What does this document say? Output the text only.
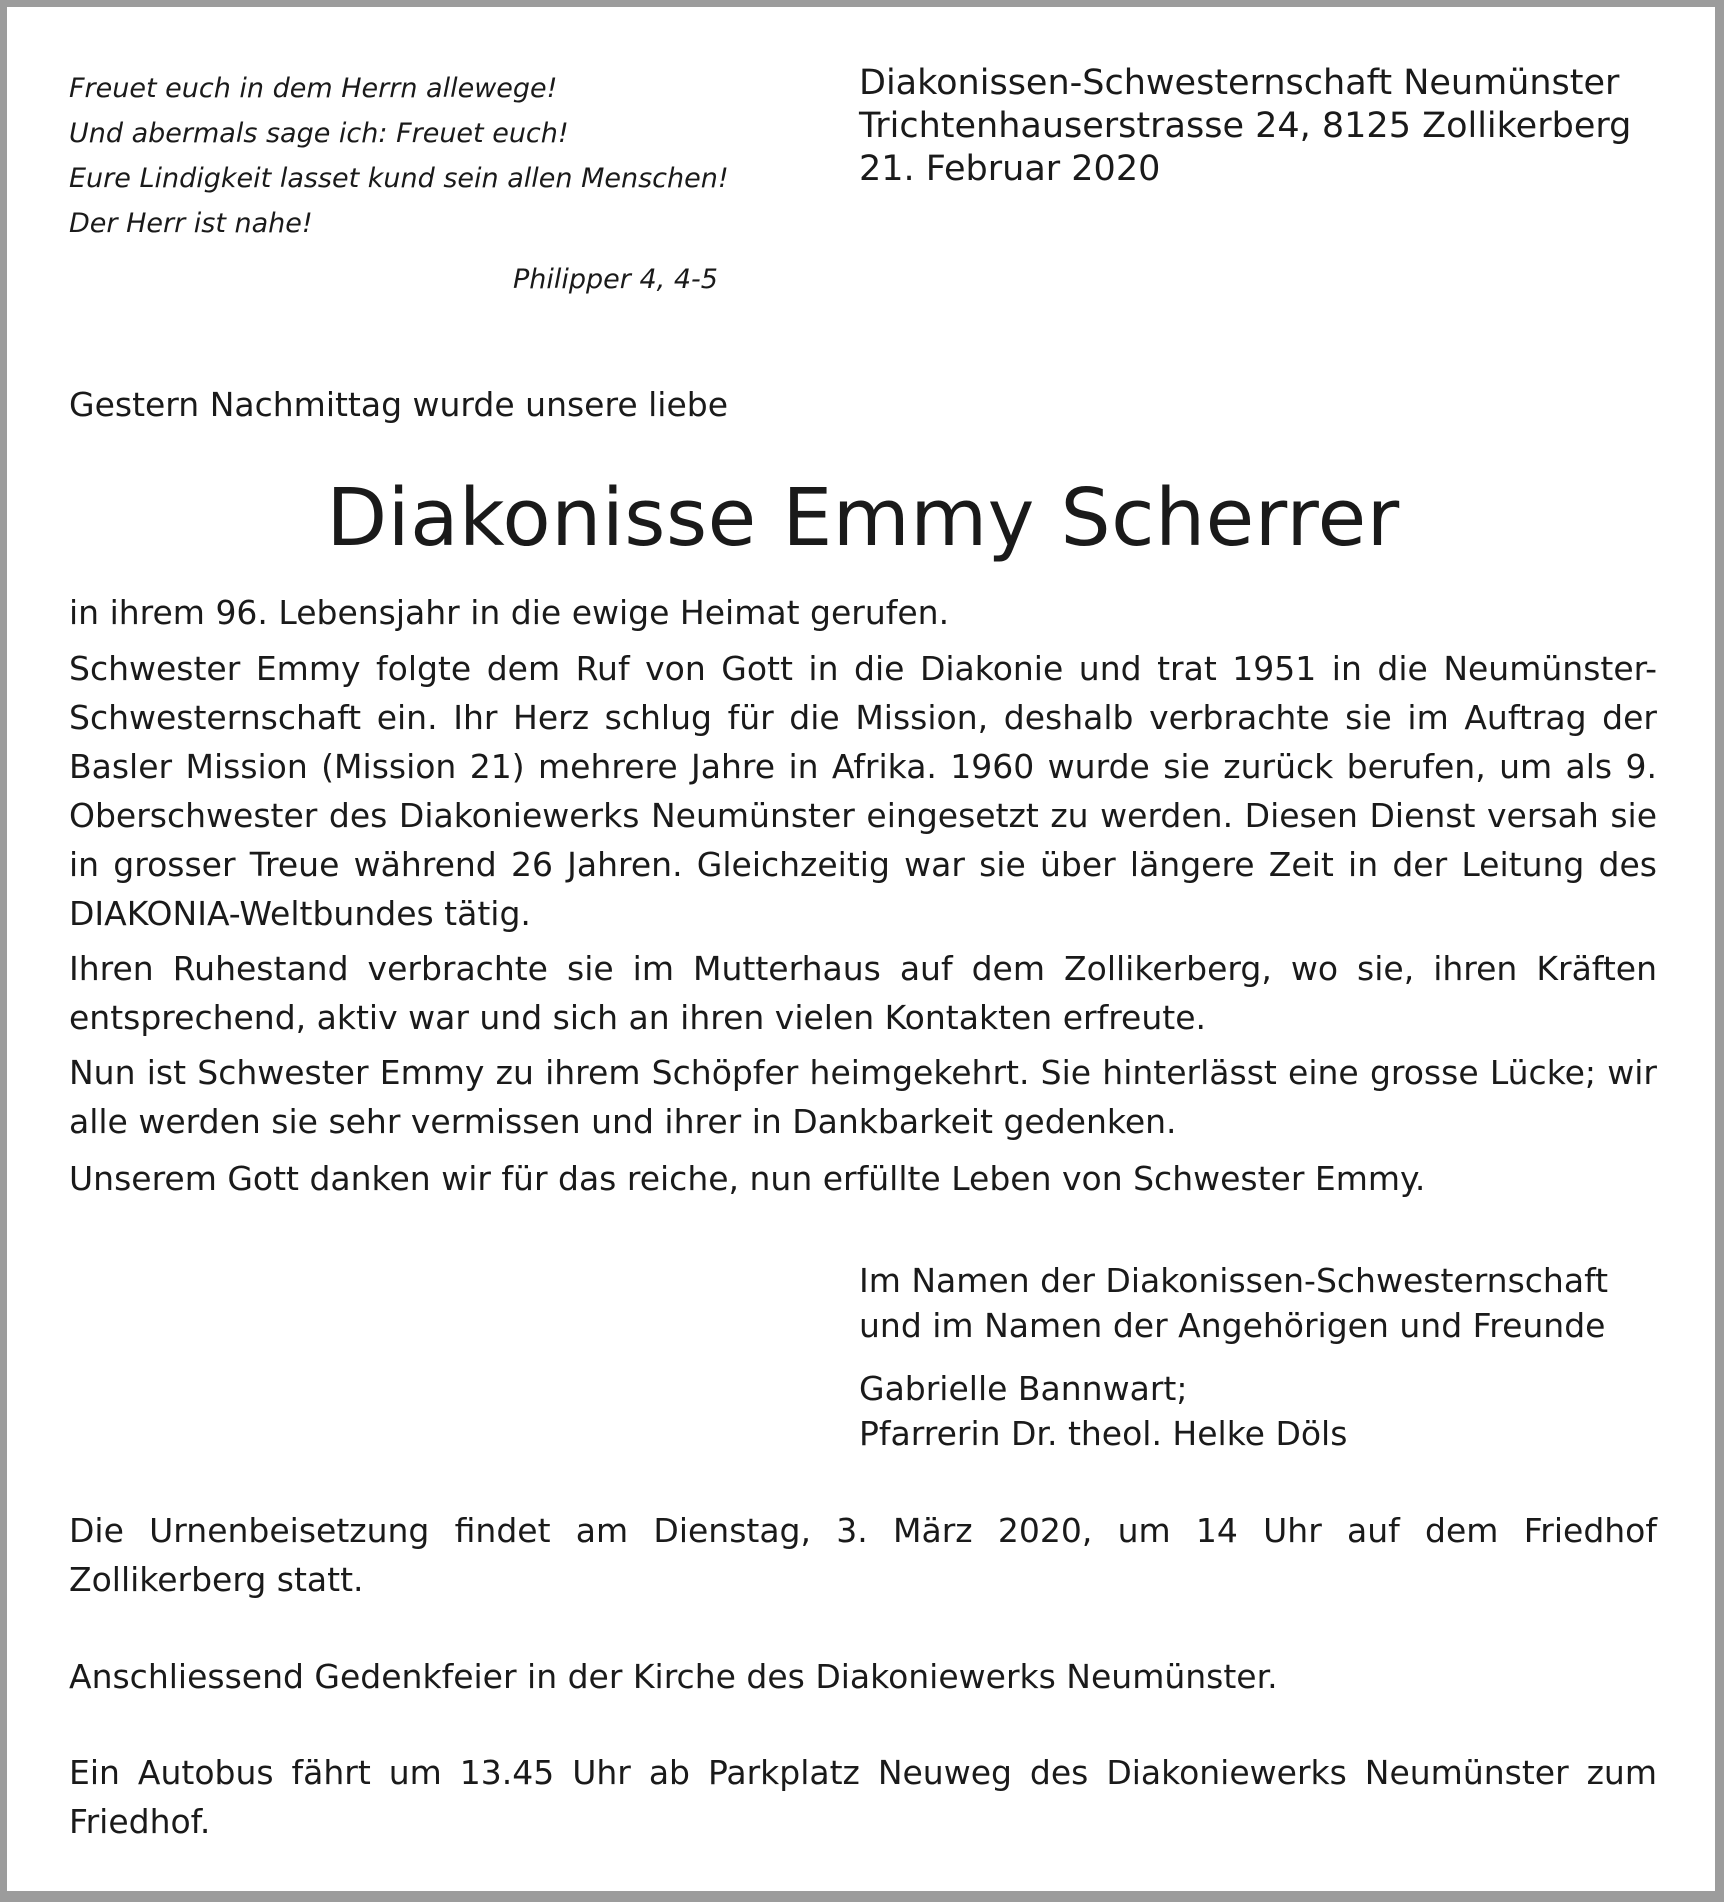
Freuet euch in dem Herrn allewege!
Und abermals sage ich: Freuet euch!
Eure Lindigkeit lasset kund sein allen Menschen!
Der Herr ist nahe!
Philipper 4, 4-5
Diakonissen-Schwesternschaft Neumünster
Trichtenhauserstrasse 24, 8125 Zollikerberg
21. Februar 2020
Gestern Nachmittag wurde unsere liebe
Diakonisse Emmy Scherrer
in ihrem 96. Lebensjahr in die ewige Heimat gerufen.
Schwester Emmy folgte dem Ruf von Gott in die Diakonie und trat 1951 in die Neumünster-Schwesternschaft ein. Ihr Herz schlug für die Mission, deshalb verbrachte sie im Auftrag der Basler Mission (Mission 21) mehrere Jahre in Afrika. 1960 wurde sie zurück berufen, um als 9. Oberschwester des Diakoniewerks Neumünster eingesetzt zu werden. Diesen Dienst versah sie in grosser Treue während 26 Jahren. Gleichzeitig war sie über längere Zeit in der Leitung des DIAKONIA-Weltbundes tätig.
Ihren Ruhestand verbrachte sie im Mutterhaus auf dem Zollikerberg, wo sie, ihren Kräften entsprechend, aktiv war und sich an ihren vielen Kontakten erfreute.
Nun ist Schwester Emmy zu ihrem Schöpfer heimgekehrt. Sie hinterlässt eine grosse Lücke; wir alle werden sie sehr vermissen und ihrer in Dankbarkeit gedenken.
Unserem Gott danken wir für das reiche, nun erfüllte Leben von Schwester Emmy.
Im Namen der Diakonissen-Schwesternschaft
und im Namen der Angehörigen und Freunde
Gabrielle Bannwart;
Pfarrerin Dr. theol. Helke Döls
Die Urnenbeisetzung findet am Dienstag, 3. März 2020, um 14 Uhr auf dem Friedhof Zollikerberg statt.
Anschliessend Gedenkfeier in der Kirche des Diakoniewerks Neumünster.
Ein Autobus fährt um 13.45 Uhr ab Parkplatz Neuweg des Diakoniewerks Neumünster zum Friedhof.
